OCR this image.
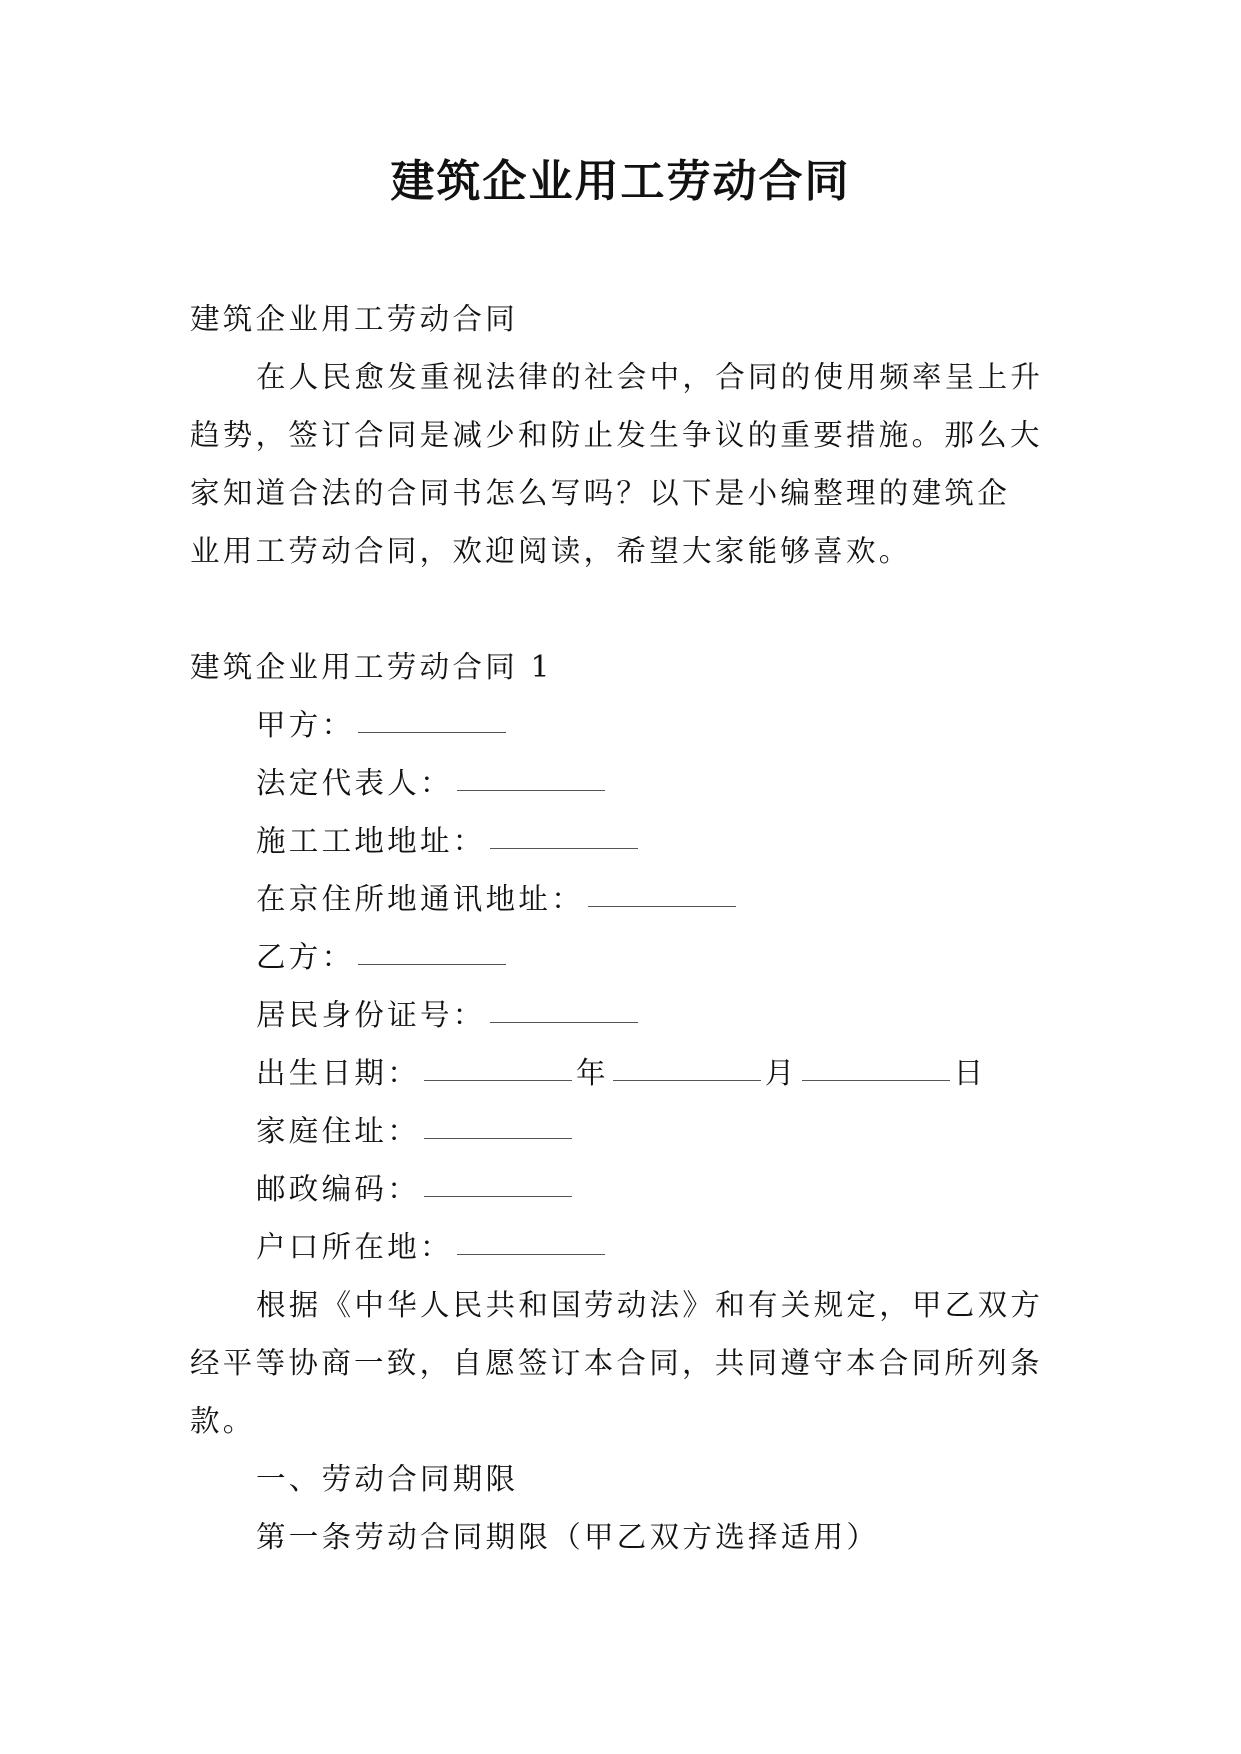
建筑企业用工劳动合同
建筑企业用工劳动合同
在人民愈发重视法律的社会中，合同的使用频率呈上升
趋势，签订合同是减少和防止发生争议的重要措施。那么大
家知道合法的合同书怎么写吗？以下是小编整理的建筑企
业用工劳动合同，欢迎阅读，希望大家能够喜欢。
建筑企业用工劳动合同 1
甲方：
法定代表人：
施工工地地址：
在京住所地通讯地址：
乙方：
居民身份证号：
出生日期：	年	月	日
家庭住址：
邮政编码：
户口所在地：
根据《中华人民共和国劳动法》和有关规定，甲乙双方
经平等协商一致，自愿签订本合同，共同遵守本合同所列条
款。
一、劳动合同期限
第一条劳动合同期限（甲乙双方选择适用）
